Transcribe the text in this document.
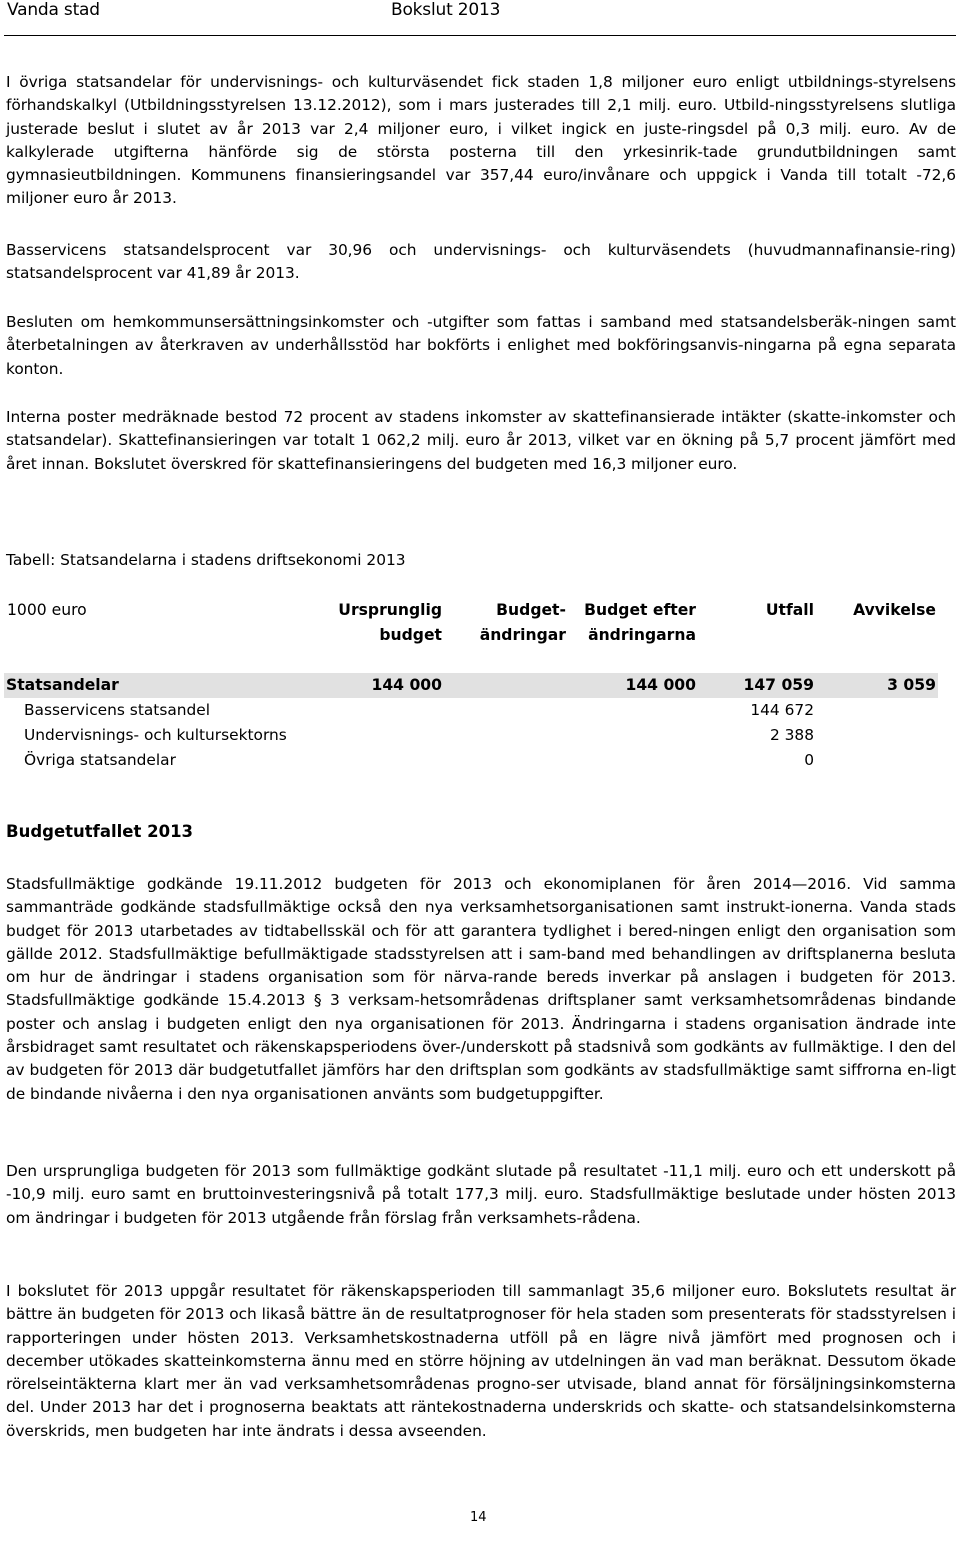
Vanda stad	Bokslut 2013

I övriga statsandelar för undervisnings- och kulturväsendet fick staden 1,8 miljoner euro enligt utbildnings-styrelsens förhandskalkyl (Utbildningsstyrelsen 13.12.2012), som i mars justerades till 2,1 milj. euro. Utbild-ningsstyrelsens slutliga justerade beslut i slutet av år 2013 var 2,4 miljoner euro, i vilket ingick en juste-ringsdel på 0,3 milj. euro. Av de kalkylerade utgifterna hänförde sig de största posterna till den yrkesinrik-tade grundutbildningen samt gymnasieutbildningen. Kommunens finansieringsandel var 357,44 euro/invånare och uppgick i Vanda till totalt -72,6 miljoner euro år 2013.

Basservicens statsandelsprocent var 30,96 och undervisnings- och kulturväsendets (huvudmannafinansie-ring) statsandelsprocent var 41,89 år 2013.

Besluten om hemkommunsersättningsinkomster och -utgifter som fattas i samband med statsandelsberäk-ningen samt återbetalningen av återkraven av underhållsstöd har bokförts i enlighet med bokföringsanvis-ningarna på egna separata konton.

Interna poster medräknade bestod 72 procent av stadens inkomster av skattefinansierade intäkter (skatte-inkomster och statsandelar). Skattefinansieringen var totalt 1 062,2 milj. euro år 2013, vilket var en ökning på 5,7 procent jämfört med året innan. Bokslutet överskred för skattefinansieringens del budgeten med 16,3 miljoner euro.

Tabell: Statsandelarna i stadens driftsekonomi 2013
1000 euro	Ursprunglig budget	Budget-ändringar	Budget efter ändringarna	Utfall	Avvikelse
Statsandelar	144 000		144 000	147 059	3 059
Basservicens statsandel				144 672	
Undervisnings- och kultursektorns				2 388	
Övriga statsandelar				0	
Budgetutfallet 2013

Stadsfullmäktige godkände 19.11.2012 budgeten för 2013 och ekonomiplanen för åren 2014—2016. Vid samma sammanträde godkände stadsfullmäktige också den nya verksamhetsorganisationen samt instrukt-ionerna. Vanda stads budget för 2013 utarbetades av tidtabellsskäl och för att garantera tydlighet i bered-ningen enligt den organisation som gällde 2012. Stadsfullmäktige befullmäktigade stadsstyrelsen att i sam-band med behandlingen av driftsplanerna besluta om hur de ändringar i stadens organisation som för närva-rande bereds inverkar på anslagen i budgeten för 2013. Stadsfullmäktige godkände 15.4.2013 § 3 verksam-hetsområdenas driftsplaner samt verksamhetsområdenas bindande poster och anslag i budgeten enligt den nya organisationen för 2013. Ändringarna i stadens organisation ändrade inte årsbidraget samt resultatet och räkenskapsperiodens över-/underskott på stadsnivå som godkänts av fullmäktige. I den del av budgeten för 2013 där budgetutfallet jämförs har den driftsplan som godkänts av stadsfullmäktige samt siffrorna en-ligt de bindande nivåerna i den nya organisationen använts som budgetuppgifter.

Den ursprungliga budgeten för 2013 som fullmäktige godkänt slutade på resultatet -11,1 milj. euro och ett underskott på -10,9 milj. euro samt en bruttoinvesteringsnivå på totalt 177,3 milj. euro. Stadsfullmäktige beslutade under hösten 2013 om ändringar i budgeten för 2013 utgående från förslag från verksamhets-rådena.

I bokslutet för 2013 uppgår resultatet för räkenskapsperioden till sammanlagt 35,6 miljoner euro. Bokslutets resultat är bättre än budgeten för 2013 och likaså bättre än de resultatprognoser för hela staden som presenterats för stadsstyrelsen i rapporteringen under hösten 2013. Verksamhetskostnaderna utföll på en lägre nivå jämfört med prognosen och i december utökades skatteinkomsterna ännu med en större höjning av utdelningen än vad man beräknat. Dessutom ökade rörelseintäkterna klart mer än vad verksamhetsområdenas progno-ser utvisade, bland annat för försäljningsinkomsterna del. Under 2013 har det i prognoserna beaktats att räntekostnaderna underskrids och skatte- och statsandelsinkomsterna överskrids, men budgeten har inte ändrats i dessa avseenden.

14
